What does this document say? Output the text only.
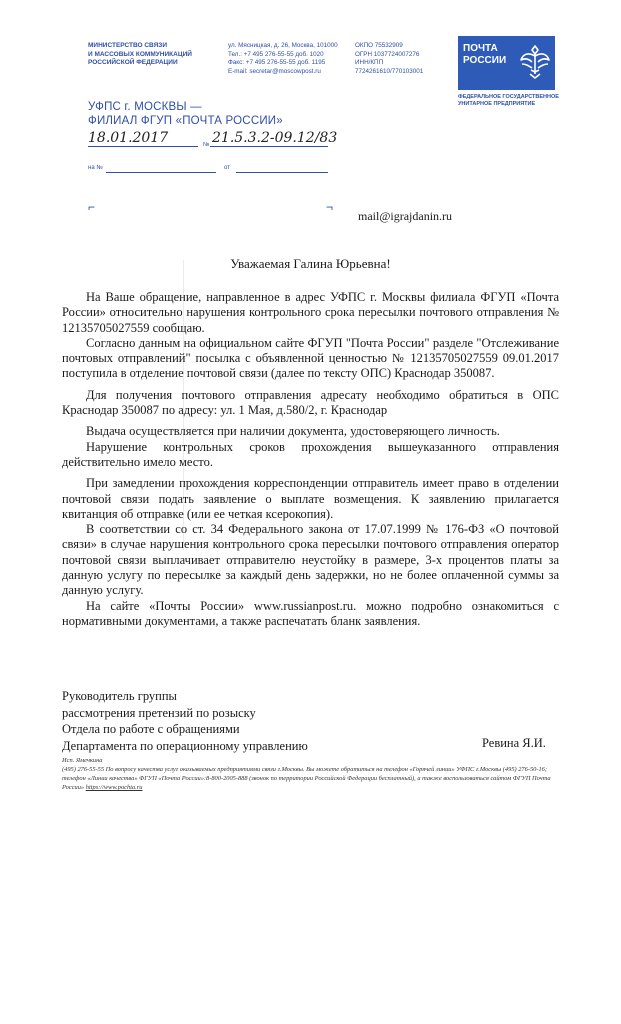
МИНИСТЕРСТВО СВЯЗИ
И МАССОВЫХ КОММУНИКАЦИЙ
РОССИЙСКОЙ ФЕДЕРАЦИИ
ул. Мясницкая, д. 26, Москва, 101000
Тел.: +7 495 276-55-55 доб. 1020
Факс: +7 495 276-55-55 доб. 1195
E-mail: secretar@moscowpost.ru
ОКПО 75532909
ОГРН 1037724007276
ИНН/КПП
7724261610/770103001
ПОЧТА
РОССИИ
ФЕДЕРАЛЬНОЕ ГОСУДАРСТВЕННОЕ
УНИТАРНОЕ ПРЕДПРИЯТИЕ
УФПС г. МОСКВЫ —
ФИЛИАЛ ФГУП «ПОЧТА РОССИИ»
18.01.2017	№ 21.5.3.2-09.12/83
на №	от
⌐	¬
mail@igrajdanin.ru
Уважаемая Галина Юрьевна!

На Ваше обращение, направленное в адрес УФПС г. Москвы филиала ФГУП «Почта России» относительно нарушения контрольного срока пересылки почтового отправления № 12135705027559 сообщаю.

Согласно данным на официальном сайте ФГУП "Почта России" разделе "Отслеживание почтовых отправлений" посылка с объявленной ценностью № 12135705027559 09.01.2017 поступила в отделение почтовой связи (далее по тексту ОПС) Краснодар 350087.

Для получения почтового отправления адресату необходимо обратиться в ОПС Краснодар 350087 по адресу: ул. 1 Мая, д.580/2, г. Краснодар

Выдача осуществляется при наличии документа, удостоверяющего личность.

Нарушение контрольных сроков прохождения вышеуказанного отправления действительно имело место.

При замедлении прохождения корреспонденции отправитель имеет право в отделении почтовой связи подать заявление о выплате возмещения. К заявлению прилагается квитанция об отправке (или ее четкая ксерокопия).

В соответствии со ст. 34 Федерального закона от 17.07.1999 № 176-ФЗ «О почтовой связи» в случае нарушения контрольного срока пересылки почтового отправления оператор почтовой связи выплачивает отправителю неустойку в размере, 3-х процентов платы за данную услугу по пересылке за каждый день задержки, но не более оплаченной суммы за данную услугу.

На сайте «Почты России» www.russianpost.ru. можно подробно ознакомиться с нормативными документами, а также распечатать бланк заявления.

Руководитель группы
рассмотрения претензий по розыску
Отдела по работе с обращениями
Департамента по операционному управлению	Ревина Я.И.
Исп. Ямечкина
(495) 276-55-55 По вопросу качества услуг оказываемых предприятиями связи г.Москвы. Вы можете обратиться на телефон «Горячей линии» УФПС г.Москвы (495) 276-50-16; телефон «Линии качества» ФГУП «Почта России»:8-800-2005-888 (звонок по территории Российской Федерации бесплатный), а также воспользоваться сайтом ФГУП Почта России» https://www.pochta.ru
